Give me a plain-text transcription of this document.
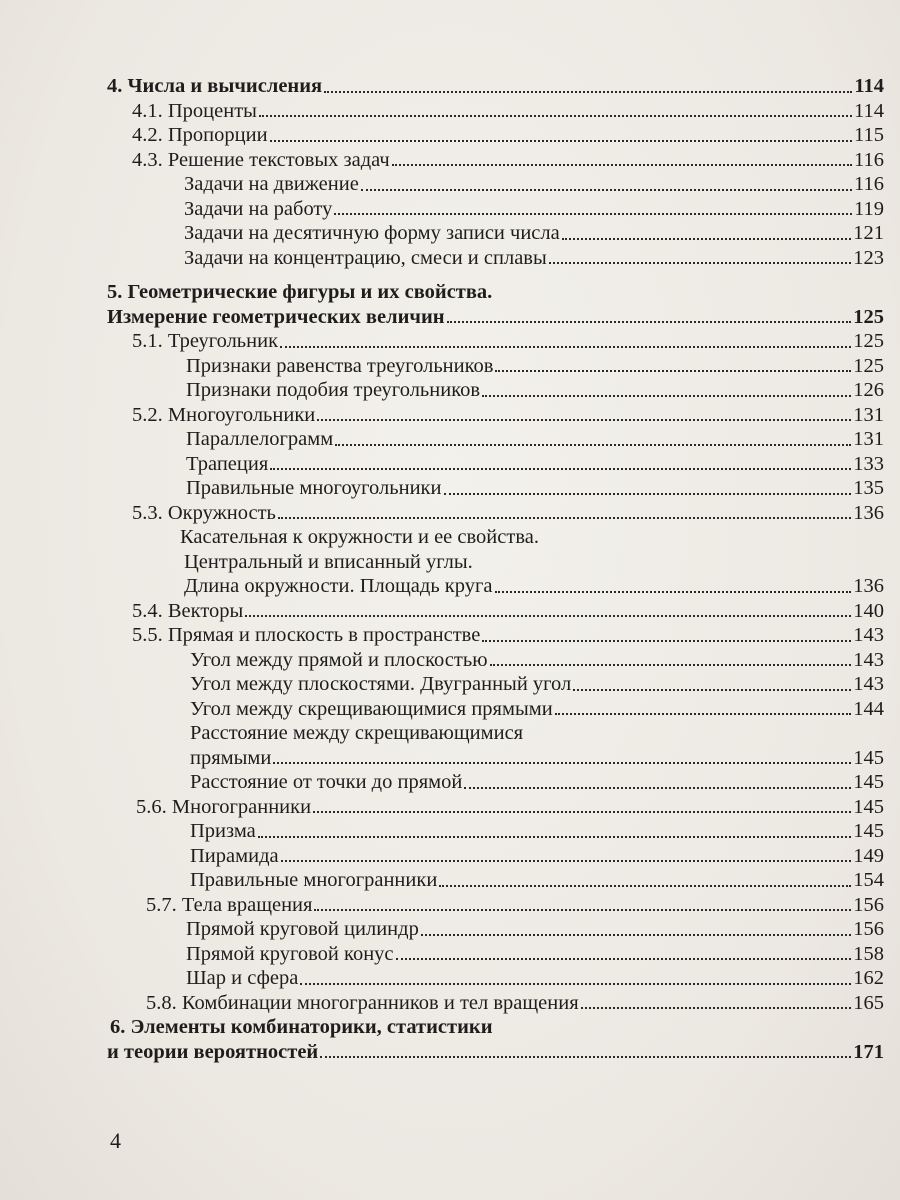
4. Числа и вычисления	114
4.1. Проценты	114
4.2. Пропорции	115
4.3. Решение текстовых задач	116
Задачи на движение	116
Задачи на работу	119
Задачи на десятичную форму записи числа	121
Задачи на концентрацию, смеси и сплавы	123
5. Геометрические фигуры и их свойства.
Измерение геометрических величин	125
5.1. Треугольник	125
Признаки равенства треугольников	125
Признаки подобия треугольников	126
5.2. Многоугольники	131
Параллелограмм	131
Трапеция	133
Правильные многоугольники	135
5.3. Окружность	136
Касательная к окружности и ее свойства.
Центральный и вписанный углы.
Длина окружности. Площадь круга	136
5.4. Векторы	140
5.5. Прямая и плоскость в пространстве	143
Угол между прямой и плоскостью	143
Угол между плоскостями. Двугранный угол	143
Угол между скрещивающимися прямыми	144
Расстояние между скрещивающимися
прямыми	145
Расстояние от точки до прямой	145
5.6. Многогранники	145
Призма	145
Пирамида	149
Правильные многогранники	154
5.7. Тела вращения	156
Прямой круговой цилиндр	156
Прямой круговой конус	158
Шар и сфера	162
5.8. Комбинации многогранников и тел вращения	165
6. Элементы комбинаторики, статистики
и теории вероятностей	171
4
